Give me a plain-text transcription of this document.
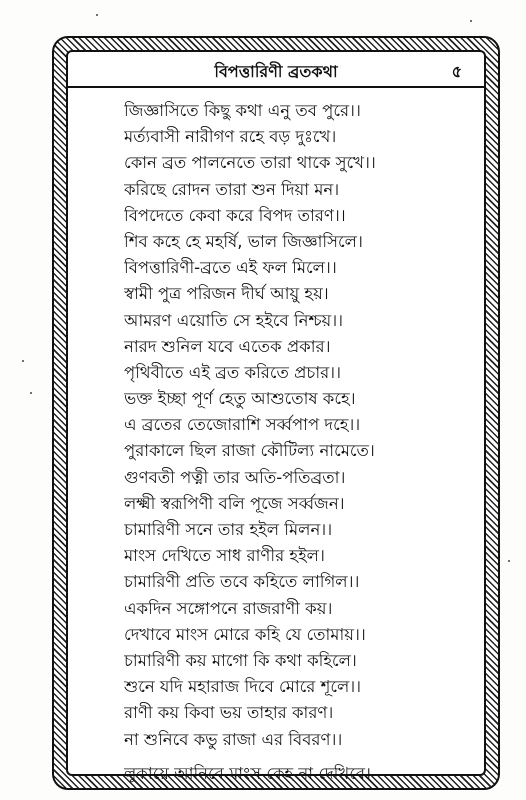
বিপত্তারিণী ব্রতকথা	৫
জিজ্ঞাসিতে কিছু কথা এনু তব পুরে।।
মর্ত্যবাসী নারীগণ রহে বড় দুঃখে।
কোন ব্রত পালনেতে তারা থাকে সুখে।।
করিছে রোদন তারা শুন দিয়া মন।
বিপদেতে কেবা করে বিপদ তারণ।।
শিব কহে হে মহর্ষি, ভাল জিজ্ঞাসিলে।
বিপত্তারিণী-ব্রতে এই ফল মিলে।।
স্বামী পুত্র পরিজন দীর্ঘ আয়ু হয়।
আমরণ এয়োতি সে হইবে নিশ্চয়।।
নারদ শুনিল যবে এতেক প্রকার।
পৃথিবীতে এই ব্রত করিতে প্রচার।।
ভক্ত ইচ্ছা পূর্ণ হেতু আশুতোষ কহে।
এ ব্রতের তেজোরাশি সর্ব্বপাপ দহে।।
পুরাকালে ছিল রাজা কৌটিল্য নামেতে।
গুণবতী পত্নী তার অতি-পতিব্রতা।
লক্ষ্মী স্বরূপিণী বলি পূজে সর্ব্বজন।
চামারিণী সনে তার হইল মিলন।।
মাংস দেখিতে সাধ রাণীর হইল।
চামারিণী প্রতি তবে কহিতে লাগিল।।
একদিন সঙ্গোপনে রাজরাণী কয়।
দেখাবে মাংস মোরে কহি যে তোমায়।।
চামারিণী কয় মাগো কি কথা কহিলে।
শুনে যদি মহারাজ দিবে মোরে শূলে।।
রাণী কয় কিবা ভয় তাহার কারণ।
না শুনিবে কভু রাজা এর বিবরণ।।
লুকায়ে আনিবে মাংস কেহ না দেখিবে।
